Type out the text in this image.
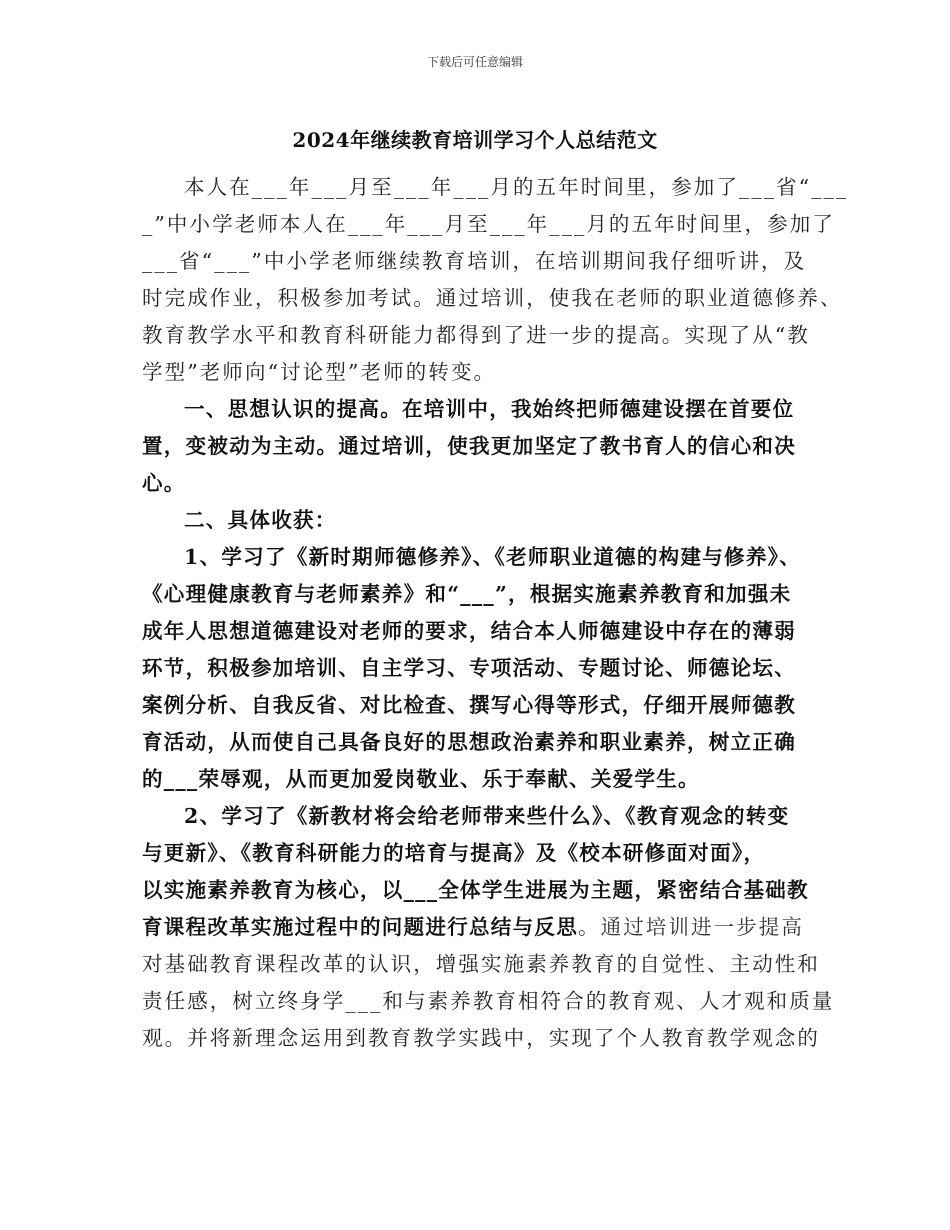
下载后可任意编辑
2024年继续教育培训学习个人总结范文
本人在___年___月至___年___月的五年时间里，参加了___省“___
_”中小学老师本人在___年___月至___年___月的五年时间里，参加了
___省“___”中小学老师继续教育培训，在培训期间我仔细听讲，及
时完成作业，积极参加考试。通过培训，使我在老师的职业道德修养、
教育教学水平和教育科研能力都得到了进一步的提高。实现了从“教
学型”老师向“讨论型”老师的转变。
一、思想认识的提高。在培训中，我始终把师德建设摆在首要位
置，变被动为主动。通过培训，使我更加坚定了教书育人的信心和决
心。
二、具体收获：
1、学习了《新时期师德修养》、《老师职业道德的构建与修养》、
《心理健康教育与老师素养》和“___”，根据实施素养教育和加强未
成年人思想道德建设对老师的要求，结合本人师德建设中存在的薄弱
环节，积极参加培训、自主学习、专项活动、专题讨论、师德论坛、
案例分析、自我反省、对比检查、撰写心得等形式，仔细开展师德教
育活动，从而使自己具备良好的思想政治素养和职业素养，树立正确
的___荣辱观，从而更加爱岗敬业、乐于奉献、关爱学生。
2、学习了《新教材将会给老师带来些什么》、《教育观念的转变
与更新》、《教育科研能力的培育与提高》及《校本研修面对面》，
以实施素养教育为核心，以___全体学生进展为主题，紧密结合基础教
育课程改革实施过程中的问题进行总结与反思。通过培训进一步提高
对基础教育课程改革的认识，增强实施素养教育的自觉性、主动性和
责任感，树立终身学___和与素养教育相符合的教育观、人才观和质量
观。并将新理念运用到教育教学实践中，实现了个人教育教学观念的
